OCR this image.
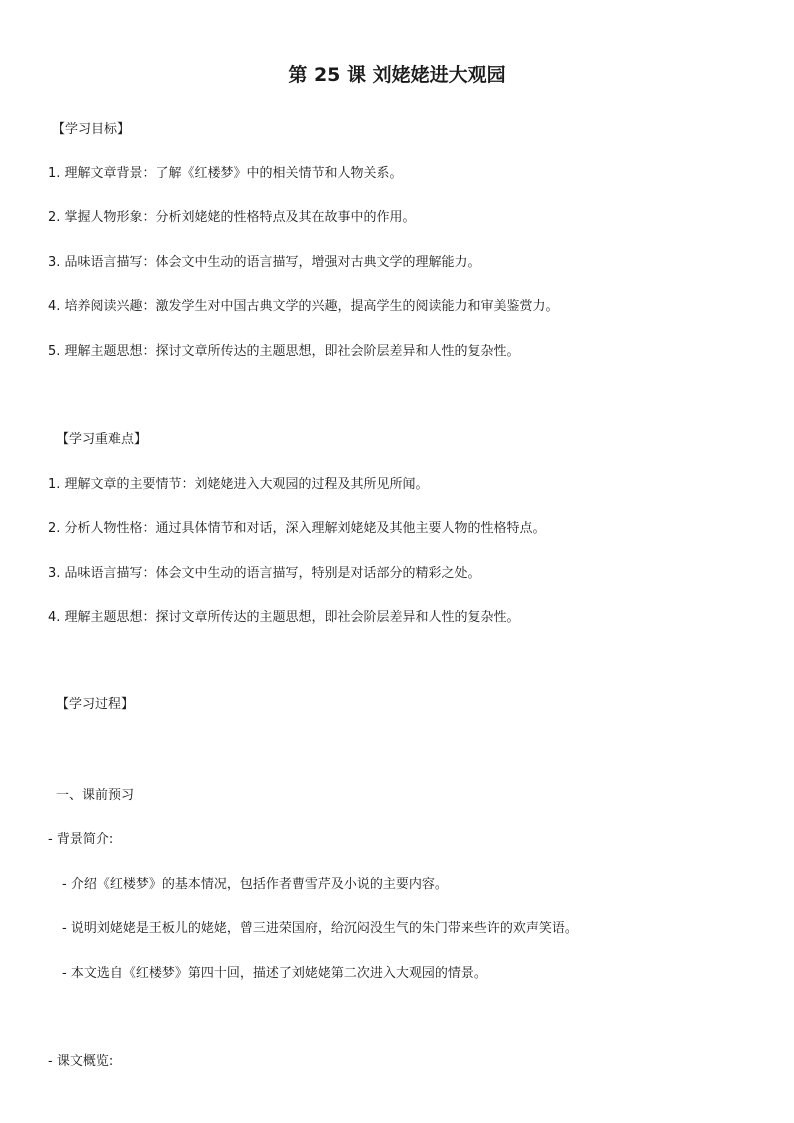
第 25 课 刘姥姥进大观园
【学习目标】
1. 理解文章背景：了解《红楼梦》中的相关情节和人物关系。
2. 掌握人物形象：分析刘姥姥的性格特点及其在故事中的作用。
3. 品味语言描写：体会文中生动的语言描写，增强对古典文学的理解能力。
4. 培养阅读兴趣：激发学生对中国古典文学的兴趣，提高学生的阅读能力和审美鉴赏力。
5. 理解主题思想：探讨文章所传达的主题思想，即社会阶层差异和人性的复杂性。
【学习重难点】
1. 理解文章的主要情节：刘姥姥进入大观园的过程及其所见所闻。
2. 分析人物性格：通过具体情节和对话，深入理解刘姥姥及其他主要人物的性格特点。
3. 品味语言描写：体会文中生动的语言描写，特别是对话部分的精彩之处。
4. 理解主题思想：探讨文章所传达的主题思想，即社会阶层差异和人性的复杂性。
【学习过程】
一、课前预习
- 背景简介:
- 介绍《红楼梦》的基本情况，包括作者曹雪芹及小说的主要内容。
- 说明刘姥姥是王板儿的姥姥，曾三进荣国府，给沉闷没生气的朱门带来些许的欢声笑语。
- 本文选自《红楼梦》第四十回，描述了刘姥姥第二次进入大观园的情景。
- 课文概览:
